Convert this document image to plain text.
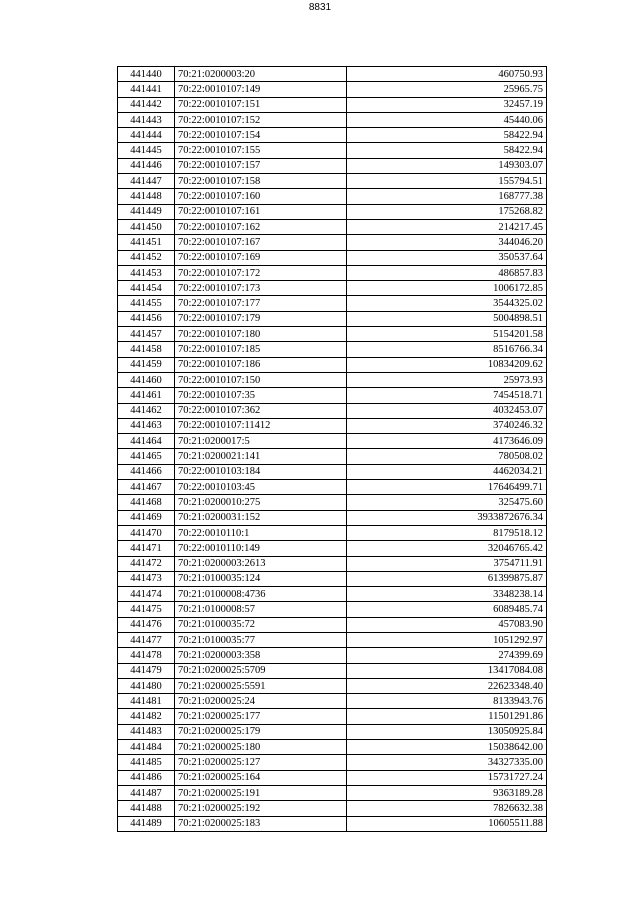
8831
441440	70:21:0200003:20	460750.93
441441	70:22:0010107:149	25965.75
441442	70:22:0010107:151	32457.19
441443	70:22:0010107:152	45440.06
441444	70:22:0010107:154	58422.94
441445	70:22:0010107:155	58422.94
441446	70:22:0010107:157	149303.07
441447	70:22:0010107:158	155794.51
441448	70:22:0010107:160	168777.38
441449	70:22:0010107:161	175268.82
441450	70:22:0010107:162	214217.45
441451	70:22:0010107:167	344046.20
441452	70:22:0010107:169	350537.64
441453	70:22:0010107:172	486857.83
441454	70:22:0010107:173	1006172.85
441455	70:22:0010107:177	3544325.02
441456	70:22:0010107:179	5004898.51
441457	70:22:0010107:180	5154201.58
441458	70:22:0010107:185	8516766.34
441459	70:22:0010107:186	10834209.62
441460	70:22:0010107:150	25973.93
441461	70:22:0010107:35	7454518.71
441462	70:22:0010107:362	4032453.07
441463	70:22:0010107:11412	3740246.32
441464	70:21:0200017:5	4173646.09
441465	70:21:0200021:141	780508.02
441466	70:22:0010103:184	4462034.21
441467	70:22:0010103:45	17646499.71
441468	70:21:0200010:275	325475.60
441469	70:21:0200031:152	3933872676.34
441470	70:22:0010110:1	8179518.12
441471	70:22:0010110:149	32046765.42
441472	70:21:0200003:2613	3754711.91
441473	70:21:0100035:124	61399875.87
441474	70:21:0100008:4736	3348238.14
441475	70:21:0100008:57	6089485.74
441476	70:21:0100035:72	457083.90
441477	70:21:0100035:77	1051292.97
441478	70:21:0200003:358	274399.69
441479	70:21:0200025:5709	13417084.08
441480	70:21:0200025:5591	22623348.40
441481	70:21:0200025:24	8133943.76
441482	70:21:0200025:177	11501291.86
441483	70:21:0200025:179	13050925.84
441484	70:21:0200025:180	15038642.00
441485	70:21:0200025:127	34327335.00
441486	70:21:0200025:164	15731727.24
441487	70:21:0200025:191	9363189.28
441488	70:21:0200025:192	7826632.38
441489	70:21:0200025:183	10605511.88
